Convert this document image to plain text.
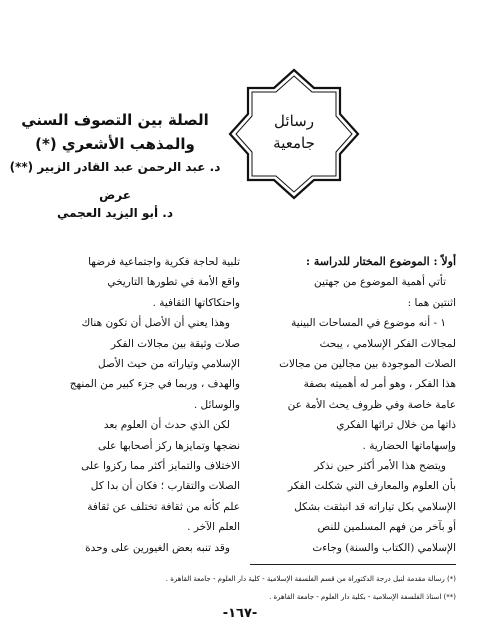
رسائل
جامعية
الصلة بين التصوف السني
والمذهب الأشعري (*)
د. عبد الرحمن عبد القادر الزبير (**)
عرض
د. أبو اليزيد العجمي

أولاً : الموضوع المختار للدراسة :

تأتي أهمية الموضوع من جهتين

اثنتين هما :

١ - أنه موضوع في المساحات البينية

لمجالات الفكر الإسلامي ، يبحث

الصلات الموجودة بين مجالين من مجالات

هذا الفكر ، وهو أمر له أهميته بصفة

عامة خاصة وفي ظروف يحث الأمة عن

ذاتها من خلال تراثها الفكري

وإسهاماتها الحضارية .

ويتضح هذا الأمر أكثر حين نذكر

بأن العلوم والمعارف التي شكلت الفكر

الإسلامي بكل تياراته قد انبثقت بشكل

أو بآخر من فهم المسلمين للنص

الإسلامي (الكتاب والسنة) وجاءت

تلبية لحاجة فكرية واجتماعية فرضها

واقع الأمة في تطورها التاريخي

واحتكاكاتها الثقافية .

وهذا يعني أن الأصل أن تكون هناك

صلات وثيقة بين مجالات الفكر

الإسلامي وتياراته من حيث الأصل

والهدف ، وربما في جزء كبير من المنهج

والوسائل .

لكن الذي حدث أن العلوم بعد

نضجها وتمايزها ركز أصحابها على

الاختلاف والتمايز أكثر مما ركزوا على

الصلات والتقارب ؛ فكان أن بدا كل

علم كأنه من ثقافة تختلف عن ثقافة

العلم الآخر .

وقد تنبه بعض الغيورين على وحدة

(*) رسالة مقدمة لنيل درجة الدكتوراة من قسم الفلسفة الإسلامية - كلية دار العلوم - جامعة القاهرة .
(**) استاذ الفلسفة الإسلامية - بكلية دار العلوم - جامعة القاهرة .
-١٦٧-
